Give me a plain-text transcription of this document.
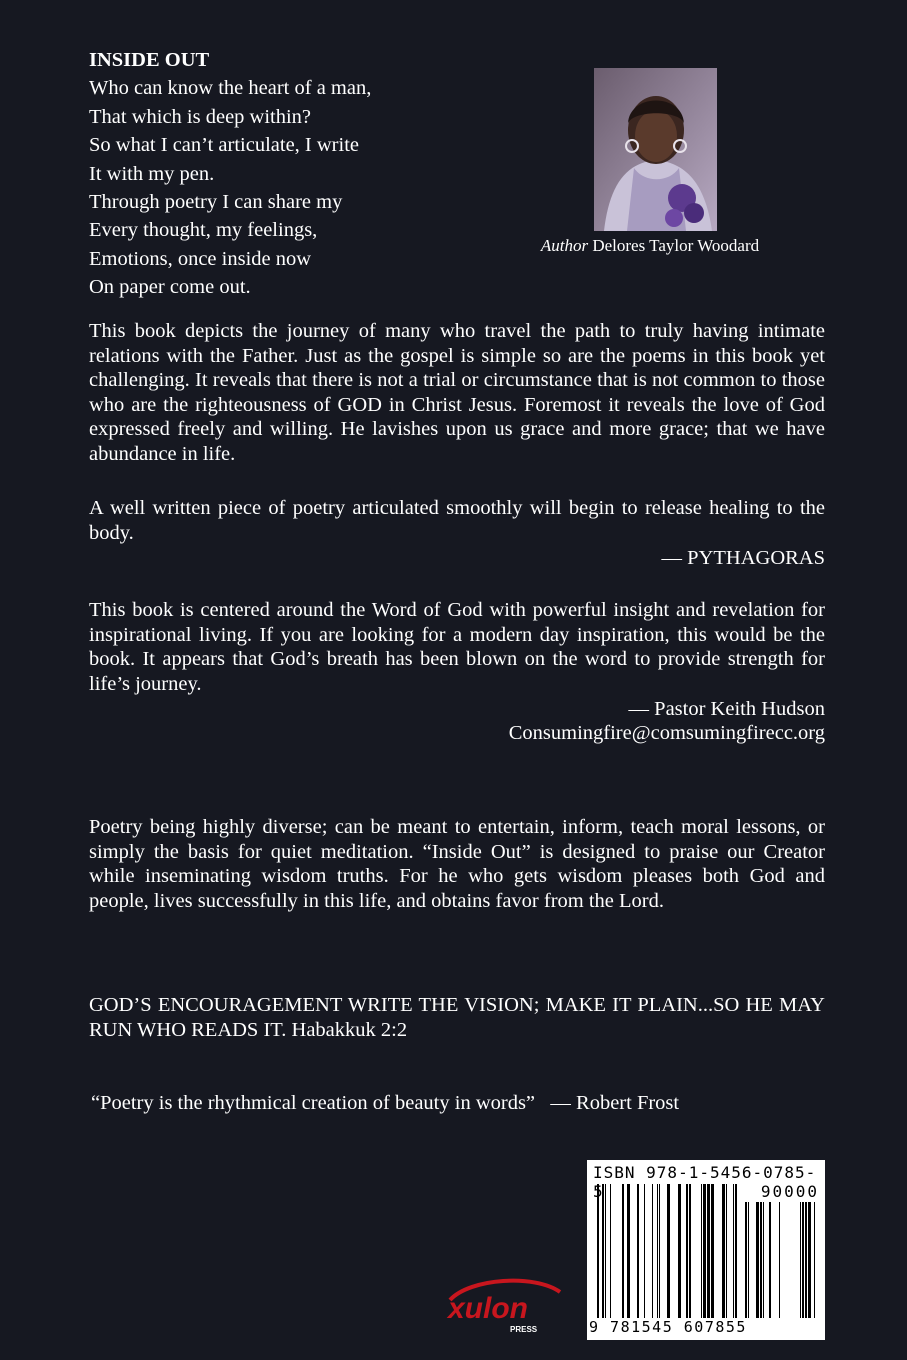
INSIDE OUT
Who can know the heart of a man,
That which is deep within?
So what I can’t articulate, I write
It with my pen.
Through poetry I can share my
Every thought, my feelings,
Emotions, once inside now
On paper come out.
Author Delores Taylor Woodard
This book depicts the journey of many who travel the path to truly having intimate relations with the Father. Just as the gospel is simple so are the poems in this book yet challenging. It reveals that there is not a trial or circumstance that is not common to those who are the righteousness of GOD in Christ Jesus. Foremost it reveals the love of God expressed freely and willing. He lavishes upon us grace and more grace; that we have abundance in life.
A well written piece of poetry articulated smoothly will begin to release healing to the body.
— PYTHAGORAS
This book is centered around the Word of God with powerful insight and revelation for inspirational living. If you are looking for a modern day inspiration, this would be the book. It appears that God’s breath has been blown on the word to provide strength for life’s journey.
— Pastor Keith Hudson
Consumingfire@comsumingfirecc.org
Poetry being highly diverse; can be meant to entertain, inform, teach moral lessons, or simply the basis for quiet meditation. “Inside Out” is designed to praise our Creator while inseminating wisdom truths. For he who gets wisdom pleases both God and people, lives successfully in this life, and obtains favor from the Lord.
GOD’S ENCOURAGEMENT WRITE THE VISION; MAKE IT PLAIN...SO HE MAY RUN WHO READS IT. Habakkuk 2:2
“Poetry is the rhythmical creation of beauty in words”   — Robert Frost
ISBN 978-1-5456-0785-5	90000
9 781545 607855
xulon
PRESS
